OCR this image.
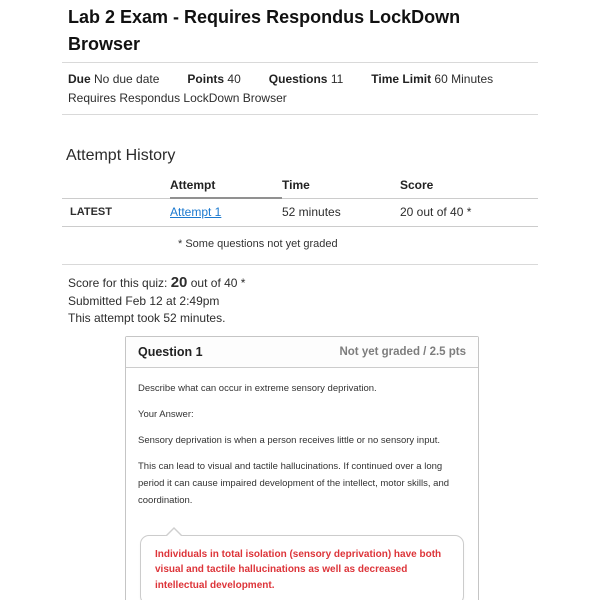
Lab 2 Exam - Requires Respondus LockDown Browser
Due No due date Points 40 Questions 11 Time Limit 60 Minutes
Requires Respondus LockDown Browser
Attempt History
	Attempt	Time	Score
LATEST	Attempt 1	52 minutes	20 out of 40 *
* Some questions not yet graded
Score for this quiz: 20 out of 40 *
Submitted Feb 12 at 2:49pm
This attempt took 52 minutes.
Question 1	Not yet graded / 2.5 pts

Describe what can occur in extreme sensory deprivation.

Your Answer:

Sensory deprivation is when a person receives little or no sensory input.

This can lead to visual and tactile hallucinations. If continued over a long period it can cause impaired development of the intellect, motor skills, and coordination.

Individuals in total isolation (sensory deprivation) have both visual and tactile hallucinations as well as decreased intellectual development.
